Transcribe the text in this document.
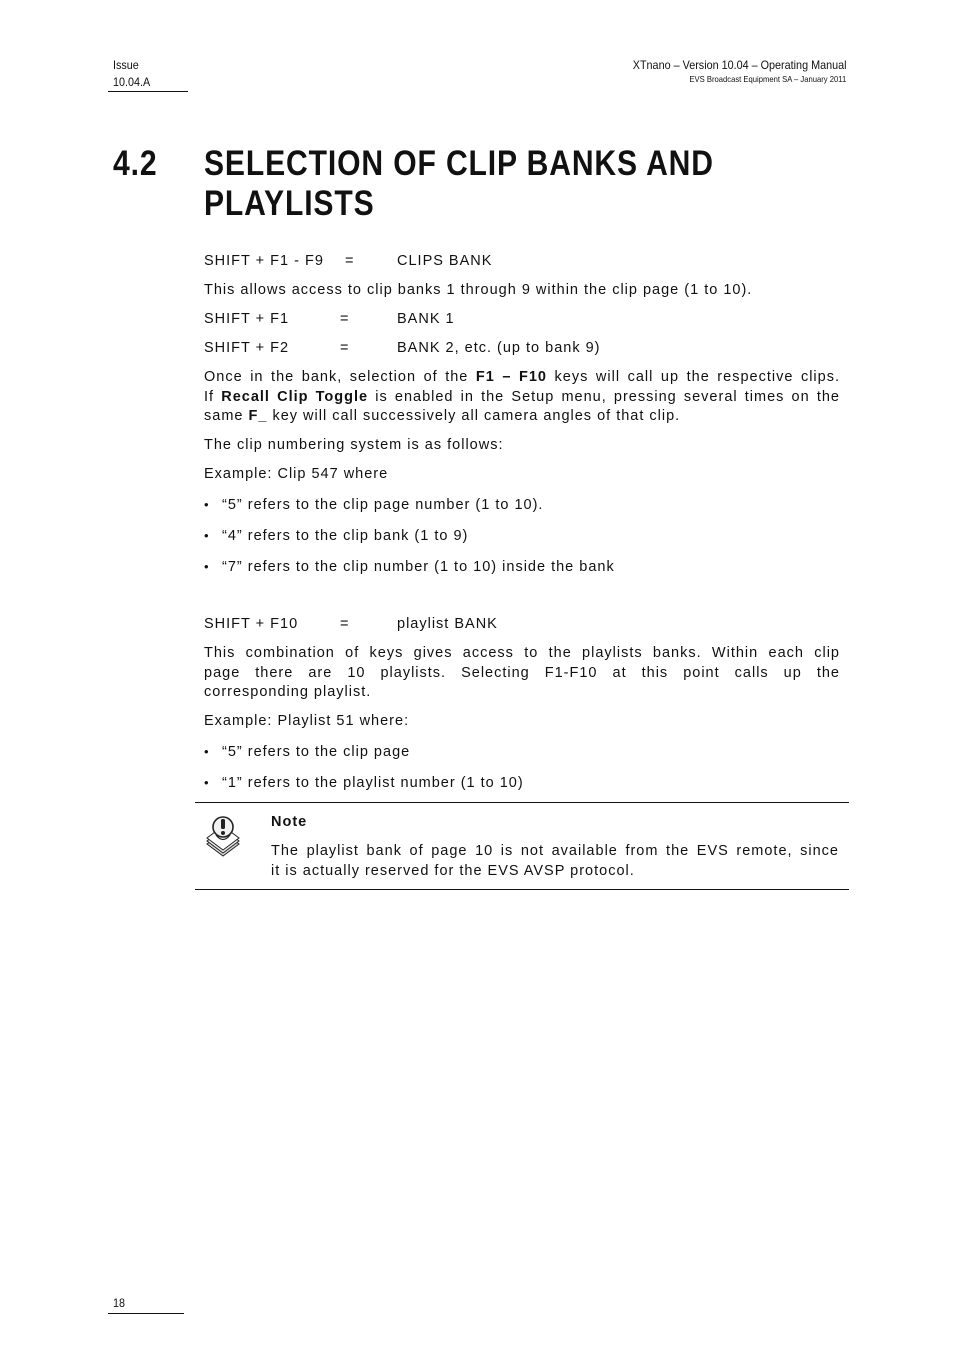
Issue
10.04.A
XTnano – Version 10.04 – Operating Manual
EVS Broadcast Equipment SA – January 2011
4.2 SELECTION OF CLIP BANKS AND
PLAYLISTS
SHIFT + F1 - F9 =	CLIPS BANK
This allows access to clip banks 1 through 9 within the clip page (1 to 10).
SHIFT + F1	=	BANK 1
SHIFT + F2	=	BANK 2, etc. (up to bank 9)
Once in the bank, selection of the F1 – F10 keys will call up the respective clips.
If Recall Clip Toggle is enabled in the Setup menu, pressing several times on the
same F_ key will call successively all camera angles of that clip.
The clip numbering system is as follows:
Example: Clip 547 where
• “5” refers to the clip page number (1 to 10).
• “4” refers to the clip bank (1 to 9)
• “7” refers to the clip number (1 to 10) inside the bank
SHIFT + F10	=	playlist BANK
This combination of keys gives access to the playlists banks. Within each clip
page there are 10 playlists. Selecting F1-F10 at this point calls up the
corresponding playlist.
Example: Playlist 51 where:
• “5” refers to the clip page
• “1” refers to the playlist number (1 to 10)
Note
The playlist bank of page 10 is not available from the EVS remote, since
it is actually reserved for the EVS AVSP protocol.
18
